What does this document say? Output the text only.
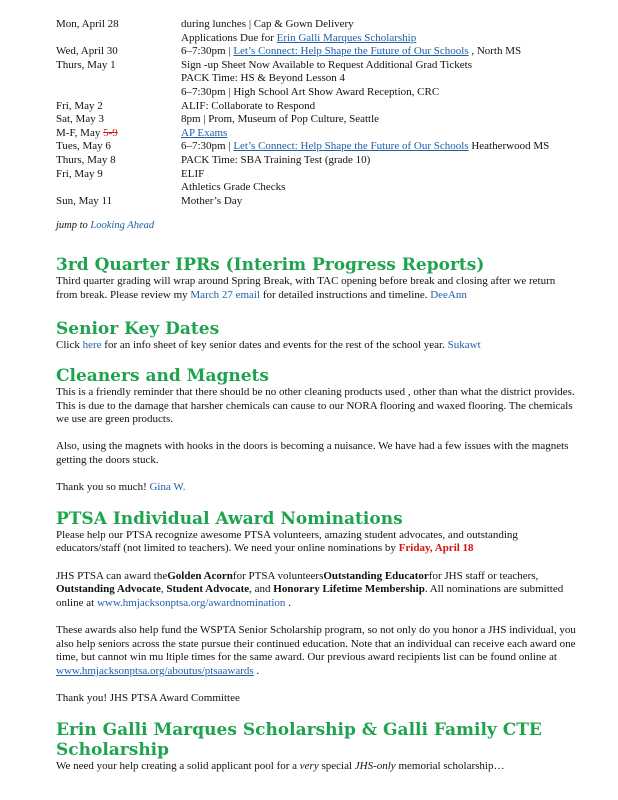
Mon, April 28	during lunches | Cap & Gown Delivery
Applications Due for Erin Galli Marques Scholarship
Wed, April 30	6–7:30pm | Let’s Connect: Help Shape the Future of Our Schools , North MS
Thurs, May 1	Sign -up Sheet Now Available to Request Additional Grad Tickets
PACK Time: HS & Beyond Lesson 4
6–7:30pm | High School Art Show Award Reception, CRC
Fri, May 2	ALIF: Collaborate to Respond
Sat, May 3	8pm | Prom, Museum of Pop Culture, Seattle
M-F, May 5-9	AP Exams
Tues, May 6	6–7:30pm | Let’s Connect: Help Shape the Future of Our Schools Heatherwood MS
Thurs, May 8	PACK Time: SBA Training Test (grade 10)
Fri, May 9	ELIF
Athletics Grade Checks
Sun, May 11	Mother’s Day
jump to Looking Ahead
3rd Quarter IPRs (Interim Progress Reports)

Third quarter grading will wrap around Spring Break, with TAC opening before break and closing after we return from break. Please review my March 27 email for detailed instructions and timeline. DeeAnn

Senior Key Dates

Click here for an info sheet of key senior dates and events for the rest of the school year. Sukawt

Cleaners and Magnets

This is a friendly reminder that there should be no other cleaning products used , other than what the district provides. This is due to the damage that harsher chemicals can cause to our NORA flooring and waxed flooring. The chemicals we use are green products.

Also, using the magnets with hooks in the doors is becoming a nuisance. We have had a few issues with the magnets getting the doors stuck.

Thank you so much! Gina W.

PTSA Individual Award Nominations

Please help our PTSA recognize awesome PTSA volunteers, amazing student advocates, and outstanding educators/staff (not limited to teachers). We need your online nominations by Friday, April 18

JHS PTSA can award theGolden Acornfor PTSA volunteersOutstanding Educatorfor JHS staff or teachers, Outstanding Advocate, Student Advocate, and Honorary Lifetime Membership. All nominations are submitted online at www.hmjacksonptsa.org/awardnomination .

These awards also help fund the WSPTA Senior Scholarship program, so not only do you honor a JHS individual, you also help seniors across the state pursue their continued education. Note that an individual can receive each award one time, but cannot win mu ltiple times for the same award. Our previous award recipients list can be found online at www.hmjacksonptsa.org/aboutus/ptsaawards .

Thank you! JHS PTSA Award Committee

Erin Galli Marques Scholarship & Galli Family CTE Scholarship

We need your help creating a solid applicant pool for a very special JHS-only memorial scholarship…
